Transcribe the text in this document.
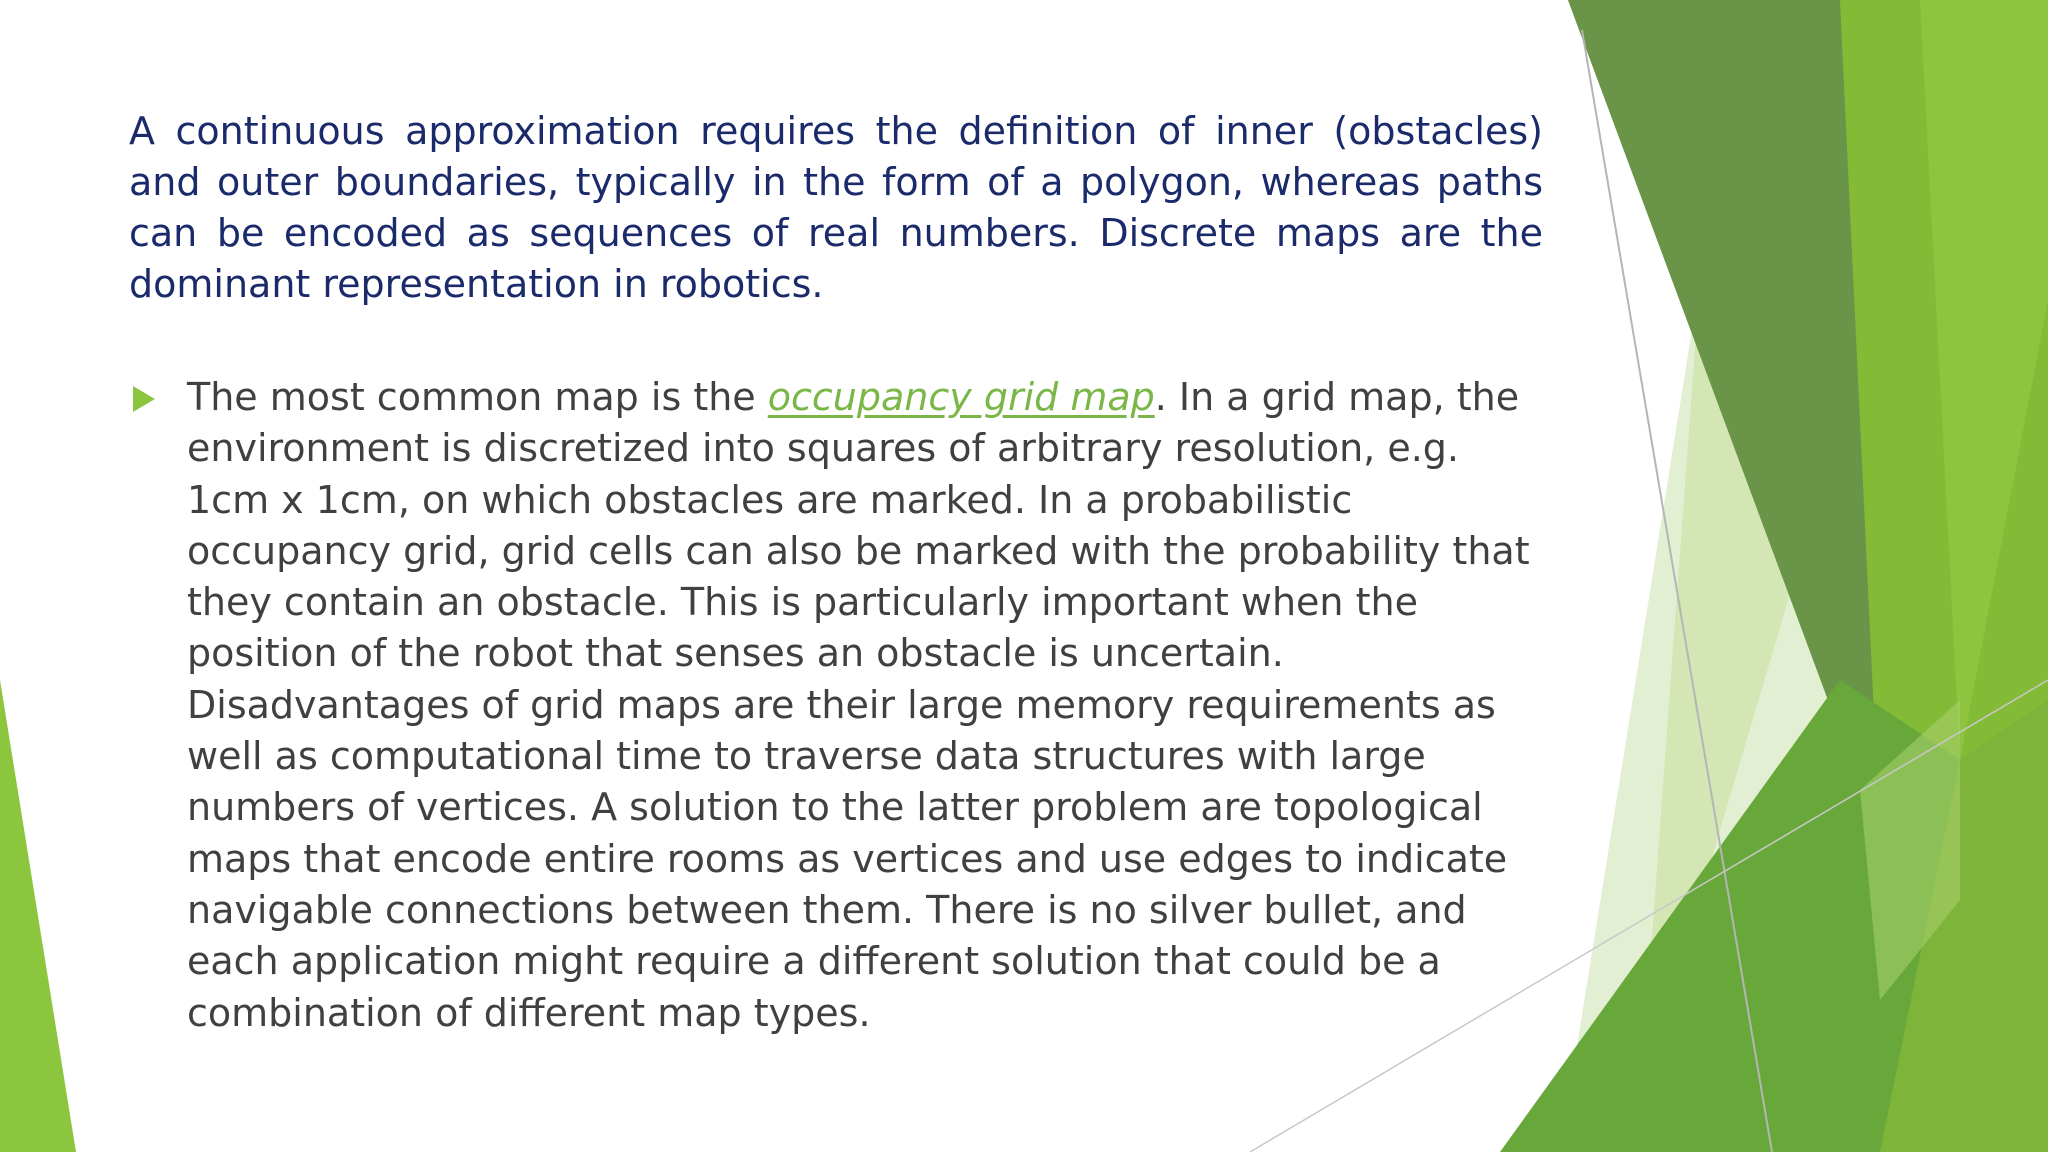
A continuous approximation requires the definition of inner (obstacles) and outer boundaries, typically in the form of a polygon, whereas paths can be encoded as sequences of real numbers. Discrete maps are the dominant representation in robotics.

The most common map is the occupancy grid map. In a grid map, the environment is discretized into squares of arbitrary resolution, e.g. 1cm x 1cm, on which obstacles are marked. In a probabilistic occupancy grid, grid cells can also be marked with the probability that they contain an obstacle. This is particularly important when the position of the robot that senses an obstacle is uncertain. Disadvantages of grid maps are their large memory requirements as well as computational time to traverse data structures with large numbers of vertices. A solution to the latter problem are topological maps that encode entire rooms as vertices and use edges to indicate navigable connections between them. There is no silver bullet, and each application might require a different solution that could be a combination of different map types.
